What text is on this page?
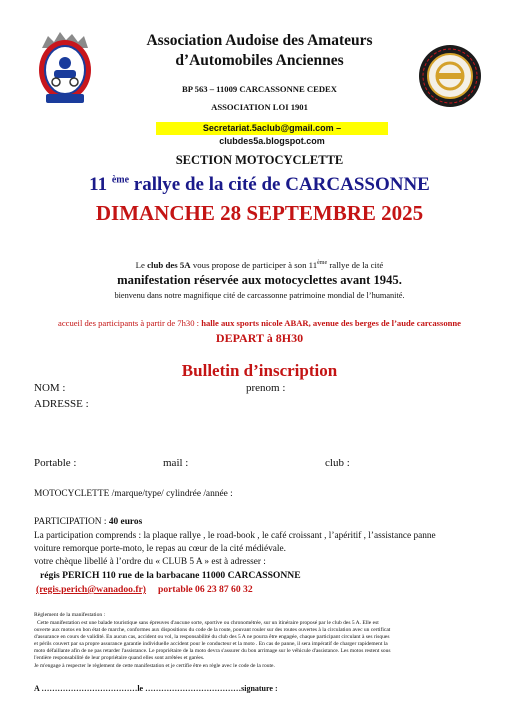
Association Audoise des Amateurs
d’Automobiles Anciennes
BP 563 – 11009 CARCASSONNE CEDEX
ASSOCIATION LOI 1901
Secretariat.5aclub@gmail.com – clubdes5a.blogspot.com
SECTION MOTOCYCLETTE
11 $^{ème}$ rallye de la cité de CARCASSONNE
DIMANCHE 28 SEPTEMBRE 2025
Le club des 5A vous propose de participer à son 11ème rallye de la cité
manifestation réservée aux motocyclettes avant 1945.
bienvenu dans notre magnifique cité de carcassonne patrimoine mondial de l’humanité.
accueil des participants à partir de 7h30 : halle aux sports nicole ABAR, avenue des berges de l’aude carcassonne
DEPART à 8H30
Bulletin d’inscription
NOM :	prenom :
ADRESSE :
Portable :	mail :	club :
MOTOCYCLETTE /marque/type/ cylindrée /année :
PARTICIPATION : 40 euros
La participation comprends : la plaque rallye , le road-book , le café croissant , l’apéritif , l’assistance panne
voiture remorque porte-moto, le repas au cœur de la cité médiévale.
votre chèque libellé à l’ordre du « CLUB 5 A » est à adresser :
régis PERICH 110 rue de la barbacane 11000 CARCASSONNE
(regis.perich@wanadoo.fr) portable 06 23 87 60 32
Règlement de la manifestation :
Cette manifestation est une balade touristique sans épreuves d'aucune sorte, sportive ou chronométrée, sur un itinéraire proposé par le club des 5 A. Elle est
ouverte aux motos en bon état de marche, conformes aux dispositions du code de la route, pouvant rouler sur des routes ouvertes à la circulation avec un certificat
d'assurance en cours de validité. En aucun cas, accident ou vol, la responsabilité du club des 5 A ne pourra être engagée, chaque participant circulant à ses risques
et périls couvert par sa propre assurance garantie individuelle accident pour le conducteur et la moto . En cas de panne, il sera impératif de charger rapidement la
moto défaillante afin de ne pas retarder l'assistance. Le propriétaire de la moto devra s'assurer du bon arrimage sur le véhicule d'assistance. Les motos restent sous
l'entière responsabilité de leur propriétaire quand elles sont arrêtées et garées.
Je m'engage à respecter le règlement de cette manifestation et je certifie être en règle avec le code de la route.
A ………………………………le ………………………………signature :
